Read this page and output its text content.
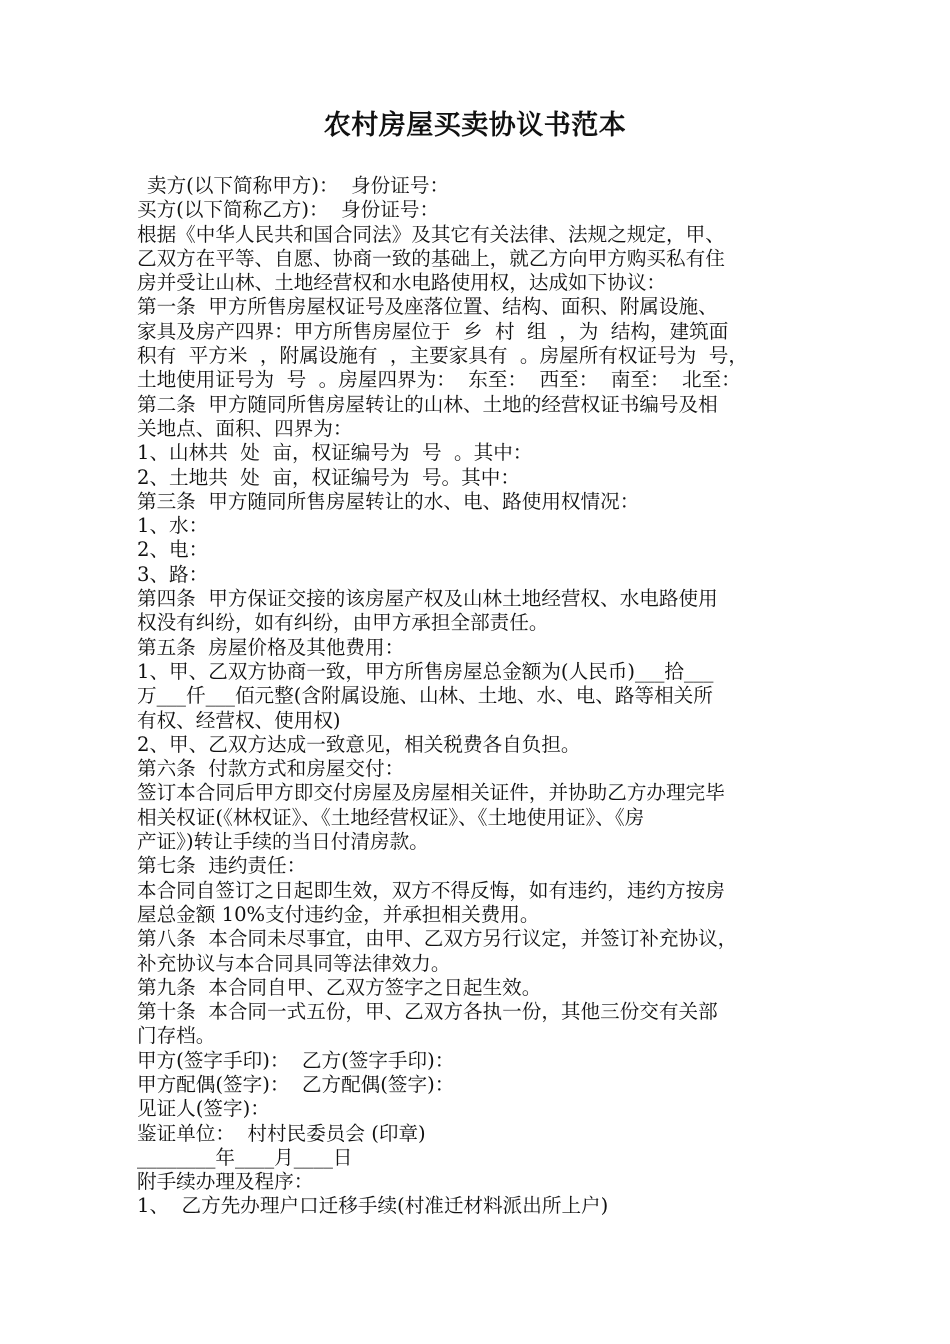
农村房屋买卖协议书范本
卖方(以下简称甲方)：  身份证号：
买方(以下简称乙方)：  身份证号：
根据《中华人民共和国合同法》及其它有关法律、法规之规定，甲、
乙双方在平等、自愿、协商一致的基础上，就乙方向甲方购买私有住
房并受让山林、土地经营权和水电路使用权，达成如下协议：
第一条  甲方所售房屋权证号及座落位置、结构、面积、附属设施、
家具及房产四界：甲方所售房屋位于  乡  村  组  ，为  结构，建筑面
积有  平方米  ，附属设施有  ，主要家具有  。房屋所有权证号为  号，
土地使用证号为  号  。房屋四界为：  东至：  西至：  南至：  北至：
第二条  甲方随同所售房屋转让的山林、土地的经营权证书编号及相
关地点、面积、四界为：
1、山林共  处  亩，权证编号为  号  。其中：
2、土地共  处  亩，权证编号为  号。其中：
第三条  甲方随同所售房屋转让的水、电、路使用权情况：
1、水：
2、电：
3、路：
第四条  甲方保证交接的该房屋产权及山林土地经营权、水电路使用
权没有纠纷，如有纠纷，由甲方承担全部责任。
第五条  房屋价格及其他费用：
1、甲、乙双方协商一致，甲方所售房屋总金额为(人民币)___拾___
万___仟___佰元整(含附属设施、山林、土地、水、电、路等相关所
有权、经营权、使用权)
2、甲、乙双方达成一致意见，相关税费各自负担。
第六条  付款方式和房屋交付：
签订本合同后甲方即交付房屋及房屋相关证件，并协助乙方办理完毕
相关权证(《林权证》、《土地经营权证》、《土地使用证》、《房
产证》)转让手续的当日付清房款。
第七条  违约责任：
本合同自签订之日起即生效，双方不得反悔，如有违约，违约方按房
屋总金额 10%支付违约金，并承担相关费用。
第八条  本合同未尽事宜，由甲、乙双方另行议定，并签订补充协议，
补充协议与本合同具同等法律效力。
第九条  本合同自甲、乙双方签字之日起生效。
第十条  本合同一式五份，甲、乙双方各执一份，其他三份交有关部
门存档。
甲方(签字手印)：  乙方(签字手印)：
甲方配偶(签字)：  乙方配偶(签字)：
见证人(签字)：
鉴证单位：  村村民委员会 (印章)
________年____月____日
附手续办理及程序：
1、  乙方先办理户口迁移手续(村准迁材料派出所上户)
